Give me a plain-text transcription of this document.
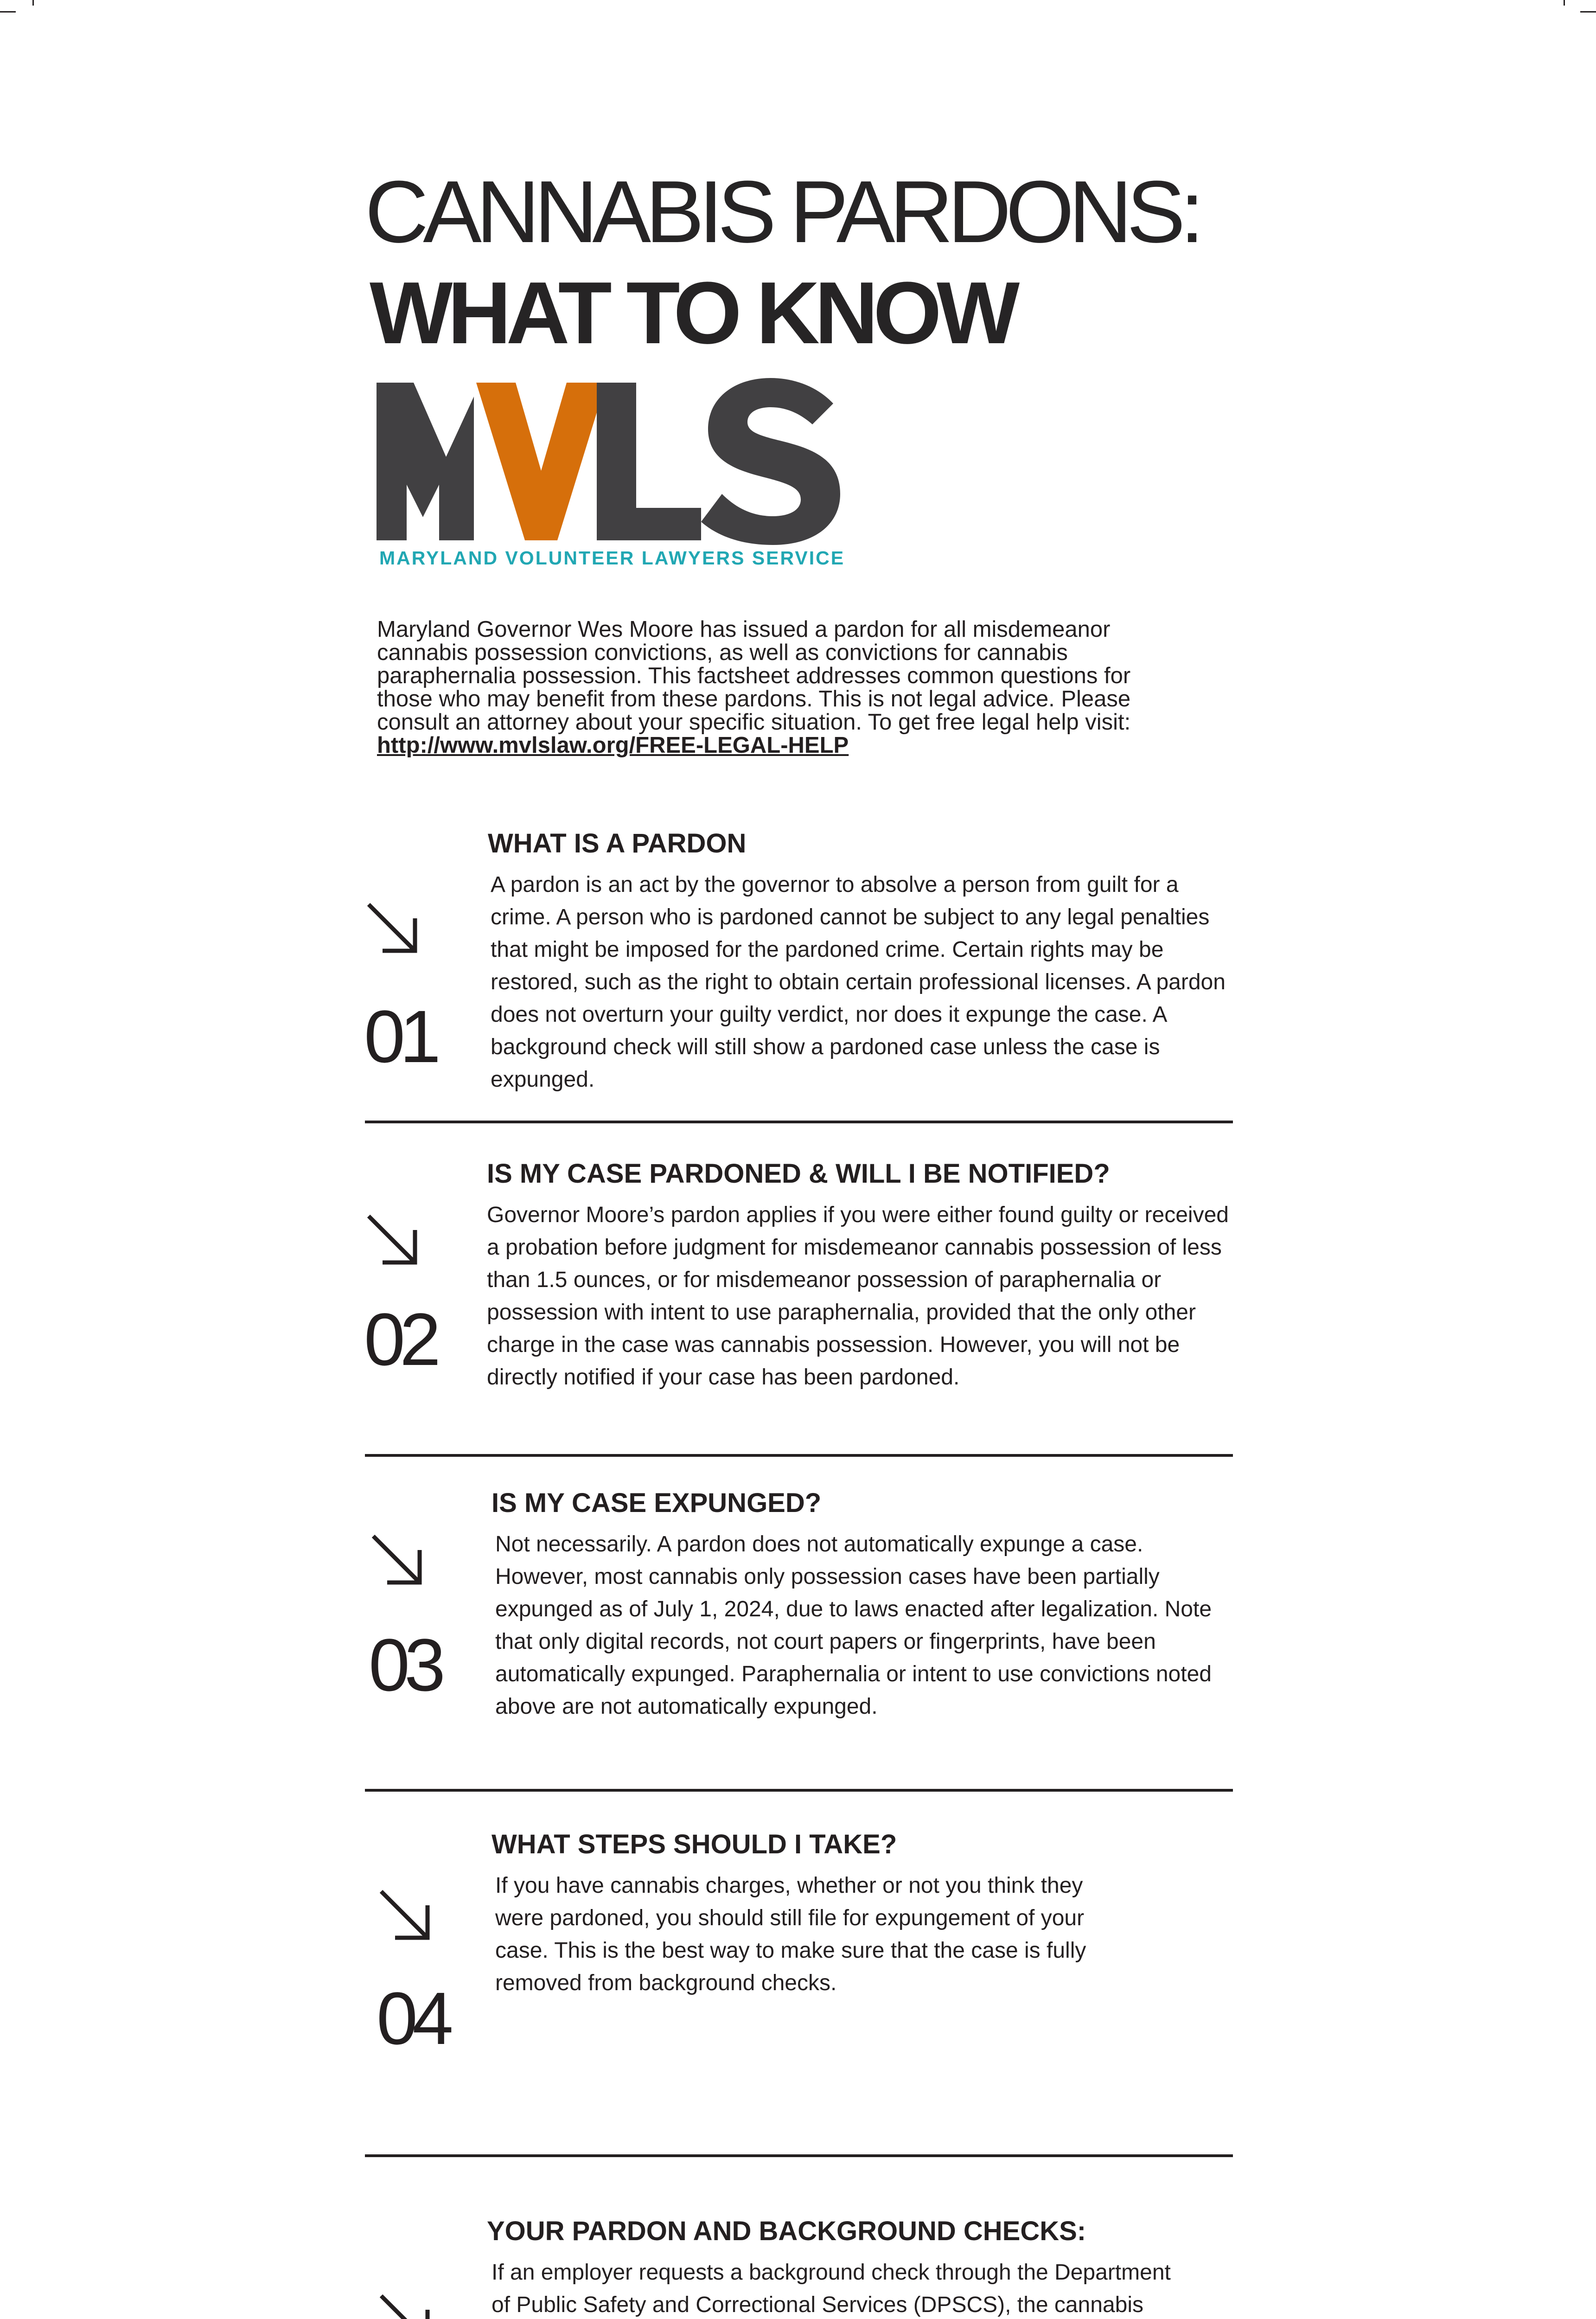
CANNABIS PARDONS:
WHAT TO KNOW
MARYLAND VOLUNTEER LAWYERS SERVICE
Maryland Governor Wes Moore has issued a pardon for all misdemeanor cannabis possession convictions, as well as convictions for cannabis paraphernalia possession. This factsheet addresses common questions for those who may benefit from these pardons. This is not legal advice. Please consult an attorney about your specific situation. To get free legal help visit:
http://www.mvlslaw.org/FREE-LEGAL-HELP
WHAT IS A PARDON
A pardon is an act by the governor to absolve a person from guilt for a crime. A person who is pardoned cannot be subject to any legal penalties that might be imposed for the pardoned crime. Certain rights may be restored, such as the right to obtain certain professional licenses. A pardon does not overturn your guilty verdict, nor does it expunge the case. A background check will still show a pardoned case unless the case is expunged.
01
IS MY CASE PARDONED & WILL I BE NOTIFIED?
Governor Moore’s pardon applies if you were either found guilty or received a probation before judgment for misdemeanor cannabis possession of less than 1.5 ounces, or for misdemeanor possession of paraphernalia or possession with intent to use paraphernalia, provided that the only other charge in the case was cannabis possession. However, you will not be directly notified if your case has been pardoned.
02
IS MY CASE EXPUNGED?
Not necessarily. A pardon does not automatically expunge a case. However, most cannabis only possession cases have been partially expunged as of July 1, 2024, due to laws enacted after legalization. Note that only digital records, not court papers or fingerprints, have been automatically expunged. Paraphernalia or intent to use convictions noted above are not automatically expunged.
03
WHAT STEPS SHOULD I TAKE?
If you have cannabis charges, whether or not you think they were pardoned, you should still file for expungement of your case. This is the best way to make sure that the case is fully removed from background checks.
04
YOUR PARDON AND BACKGROUND CHECKS:
If an employer requests a background check through the Department of Public Safety and Correctional Services (DPSCS), the cannabis
